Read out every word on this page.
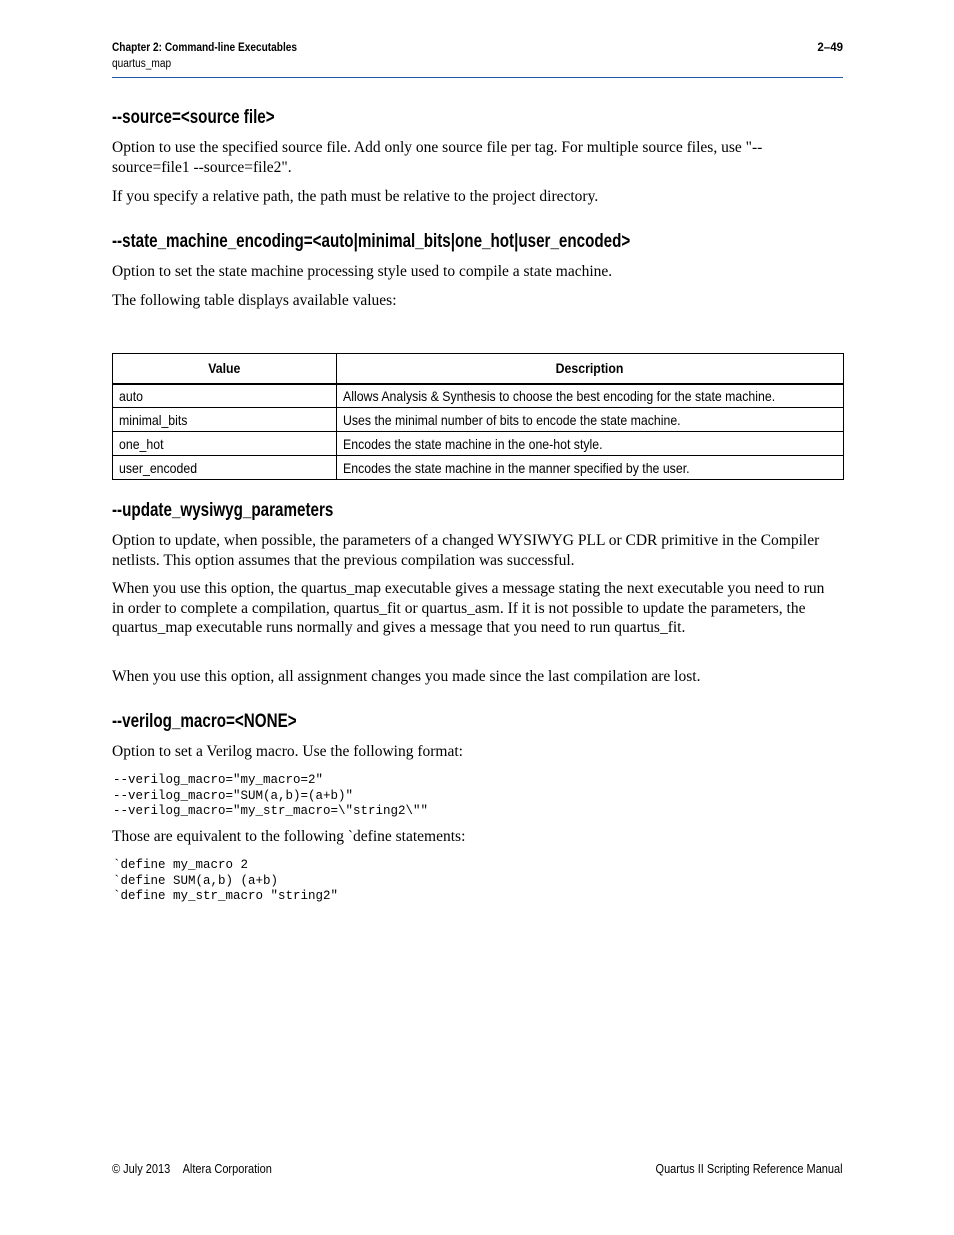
Chapter 2: Command-line Executables
quartus_map
2–49
--source=<source file>

Option to use the specified source file. Add only one source file per tag. For multiple source files, use "--source=file1 --source=file2".

If you specify a relative path, the path must be relative to the project directory.

--state_machine_encoding=<auto|minimal_bits|one_hot|user_encoded>

Option to set the state machine processing style used to compile a state machine.

The following table displays available values:

Value	Description
auto	Allows Analysis & Synthesis to choose the best encoding for the state machine.
minimal_bits	Uses the minimal number of bits to encode the state machine.
one_hot	Encodes the state machine in the one-hot style.
user_encoded	Encodes the state machine in the manner specified by the user.
--update_wysiwyg_parameters

Option to update, when possible, the parameters of a changed WYSIWYG PLL or CDR primitive in the Compiler netlists. This option assumes that the previous compilation was successful.

When you use this option, the quartus_map executable gives a message stating the next executable you need to run in order to complete a compilation, quartus_fit or quartus_asm. If it is not possible to update the parameters, the quartus_map executable runs normally and gives a message that you need to run quartus_fit.

When you use this option, all assignment changes you made since the last compilation are lost.

--verilog_macro=<NONE>

Option to set a Verilog macro. Use the following format:

--verilog_macro="my_macro=2"
--verilog_macro="SUM(a,b)=(a+b)"
--verilog_macro="my_str_macro=\"string2\""

Those are equivalent to the following `define statements:

`define my_macro 2
`define SUM(a,b) (a+b)
`define my_str_macro "string2"
© July 2013 Altera Corporation	Quartus II Scripting Reference Manual
